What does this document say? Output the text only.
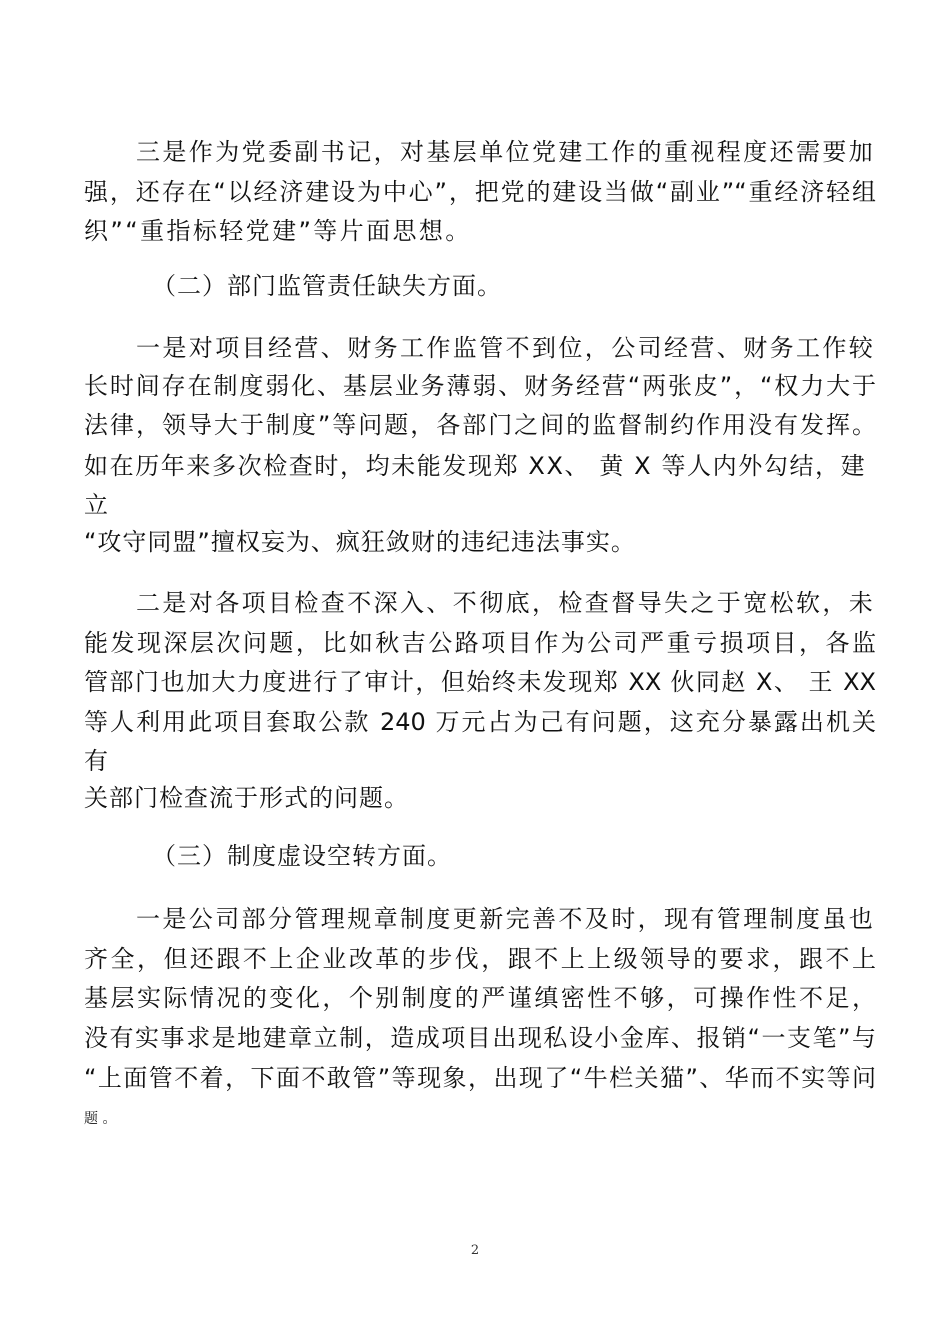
三是作为党委副书记，对基层单位党建工作的重视程度还需要加
强，还存在“以经济建设为中心”，把党的建设当做“副业”“重经济轻组
织”“重指标轻党建”等片面思想。
（二）部门监管责任缺失方面。
一是对项目经营、财务工作监管不到位，公司经营、财务工作较
长时间存在制度弱化、基层业务薄弱、财务经营“两张皮”，“权力大于
法律，领导大于制度”等问题，各部门之间的监督制约作用没有发挥。
如在历年来多次检查时，均未能发现郑 XX、 黄 X 等人内外勾结，建
立
“攻守同盟”擅权妄为、疯狂敛财的违纪违法事实。
二是对各项目检查不深入、不彻底，检查督导失之于宽松软，未
能发现深层次问题，比如秋吉公路项目作为公司严重亏损项目，各监
管部门也加大力度进行了审计，但始终未发现郑 XX 伙同赵 X、 王 XX
等人利用此项目套取公款 240 万元占为己有问题，这充分暴露出机关
有
关部门检查流于形式的问题。
（三）制度虚设空转方面。
一是公司部分管理规章制度更新完善不及时，现有管理制度虽也
齐全，但还跟不上企业改革的步伐，跟不上上级领导的要求，跟不上
基层实际情况的变化，个别制度的严谨缜密性不够，可操作性不足，
没有实事求是地建章立制，造成项目出现私设小金库、报销“一支笔”与
“上面管不着，下面不敢管”等现象，出现了“牛栏关猫”、华而不实等问
题 。
2
